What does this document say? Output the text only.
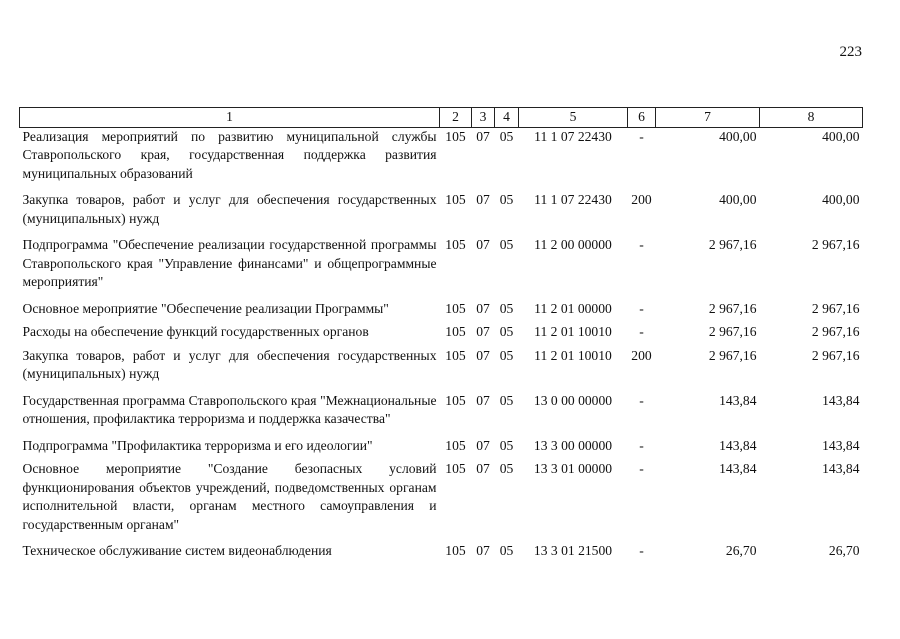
223
1	2	3	4	5	6	7	8
Реализация мероприятий по развитию муниципальной службы Ставропольского края, государственная поддержка развития муниципальных образований	105	07	05	11 1 07 22430	-	400,00	400,00
Закупка товаров, работ и услуг для обеспечения государственных (муниципальных) нужд	105	07	05	11 1 07 22430	200	400,00	400,00
Подпрограмма "Обеспечение реализации государственной программы Ставропольского края "Управление финансами" и общепрограммные мероприятия"	105	07	05	11 2 00 00000	-	2 967,16	2 967,16
Основное мероприятие "Обеспечение реализации Программы"	105	07	05	11 2 01 00000	-	2 967,16	2 967,16
Расходы на обеспечение функций государственных органов	105	07	05	11 2 01 10010	-	2 967,16	2 967,16
Закупка товаров, работ и услуг для обеспечения государственных (муниципальных) нужд	105	07	05	11 2 01 10010	200	2 967,16	2 967,16
Государственная программа Ставропольского края "Межнациональные отношения, профилактика терроризма и поддержка казачества"	105	07	05	13 0 00 00000	-	143,84	143,84
Подпрограмма "Профилактика терроризма и его идеологии"	105	07	05	13 3 00 00000	-	143,84	143,84
Основное мероприятие "Создание безопасных условий функционирования объектов учреждений, подведомственных органам исполнительной власти, органам местного самоуправления и государственным органам"	105	07	05	13 3 01 00000	-	143,84	143,84
Техническое обслуживание систем видеонаблюдения	105	07	05	13 3 01 21500	-	26,70	26,70
